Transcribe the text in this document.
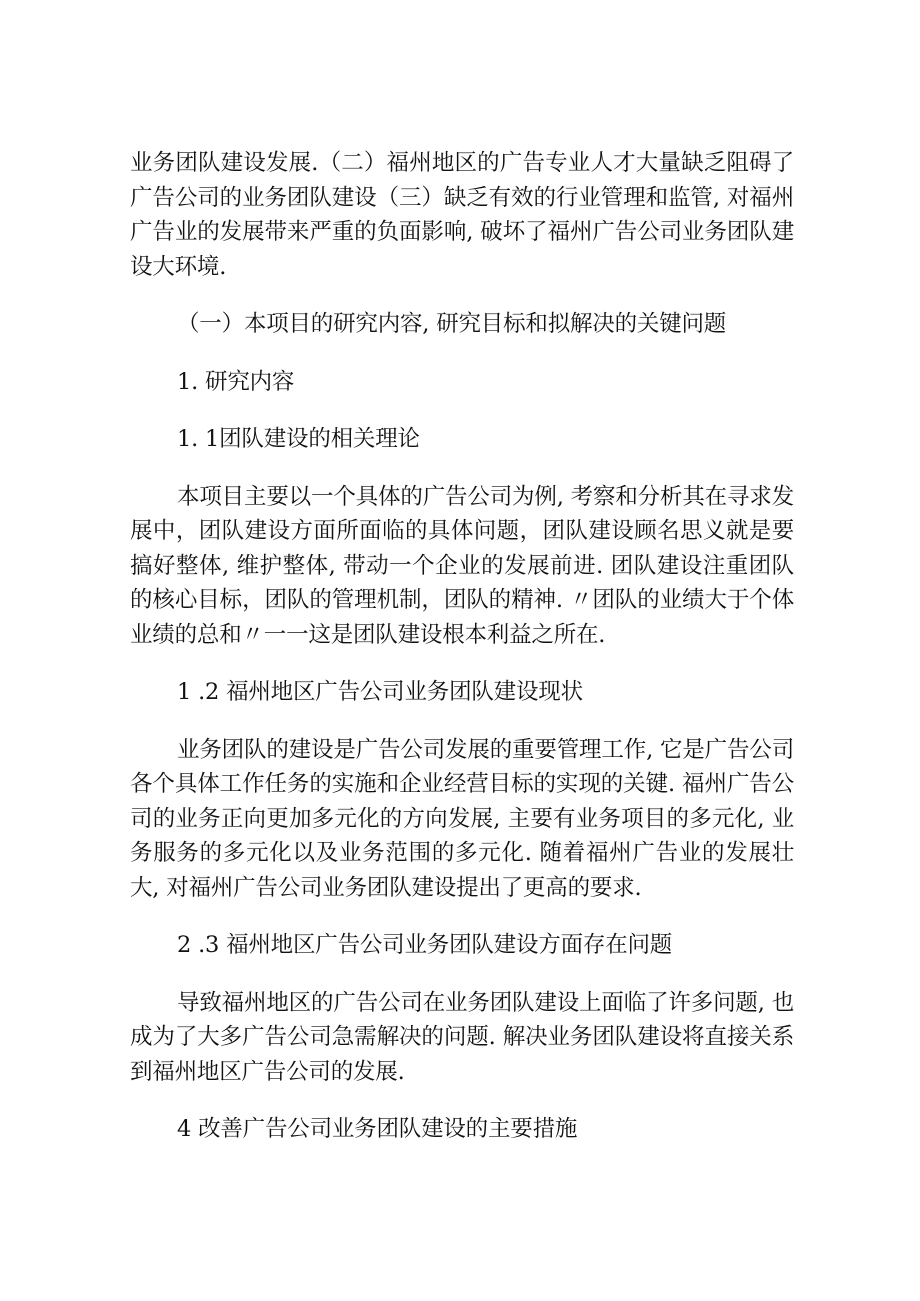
业务团队建设发展.（二）福州地区的广告专业人才大量缺乏阻碍了广告公司的业务团队建设（三）缺乏有效的行业管理和监管, 对福州广告业的发展带来严重的负面影响, 破坏了福州广告公司业务团队建设大环境.

（一）本项目的研究内容, 研究目标和拟解决的关键问题

1. 研究内容

1. 1团队建设的相关理论

本项目主要以一个具体的广告公司为例, 考察和分析其在寻求发展中，团队建设方面所面临的具体问题，团队建设顾名思义就是要搞好整体, 维护整体, 带动一个企业的发展前进. 团队建设注重团队的核心目标，团队的管理机制，团队的精神. 〃团队的业绩大于个体业绩的总和〃一一这是团队建设根本利益之所在.

1 .2 福州地区广告公司业务团队建设现状

业务团队的建设是广告公司发展的重要管理工作, 它是广告公司各个具体工作任务的实施和企业经营目标的实现的关键. 福州广告公司的业务正向更加多元化的方向发展, 主要有业务项目的多元化, 业务服务的多元化以及业务范围的多元化. 随着福州广告业的发展壮大, 对福州广告公司业务团队建设提出了更高的要求.

2 .3 福州地区广告公司业务团队建设方面存在问题

导致福州地区的广告公司在业务团队建设上面临了许多问题, 也成为了大多广告公司急需解决的问题. 解决业务团队建设将直接关系到福州地区广告公司的发展.

4 改善广告公司业务团队建设的主要措施
